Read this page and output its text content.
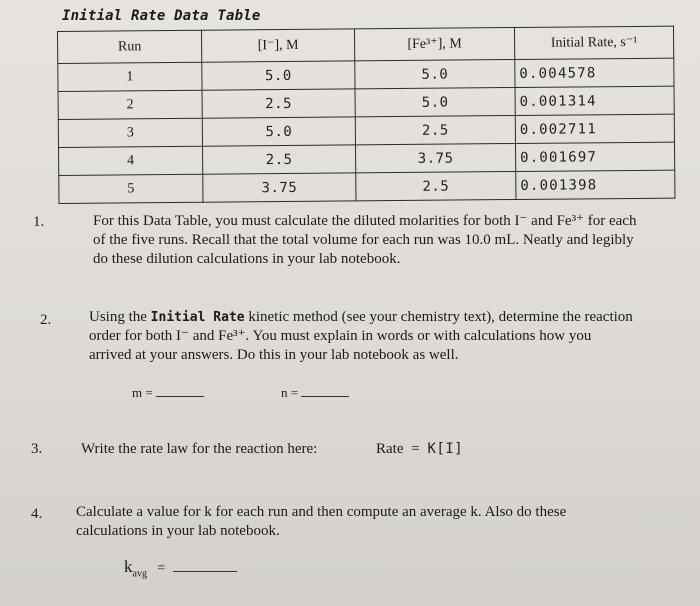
Initial Rate Data Table
Run	[I⁻], M	[Fe³⁺], M	Initial Rate, s⁻¹
1	5.0	5.0	0.004578
2	2.5	5.0	0.001314
3	5.0	2.5	0.002711
4	2.5	3.75	0.001697
5	3.75	2.5	0.001398
1.	For this Data Table, you must calculate the diluted molarities for both I⁻ and Fe³⁺ for each
of the five runs. Recall that the total volume for each run was 10.0 mL. Neatly and legibly
do these dilution calculations in your lab notebook.
2.	Using the Initial Rate kinetic method (see your chemistry text), determine the reaction
order for both I⁻ and Fe³⁺. You must explain in words or with calculations how you
arrived at your answers. Do this in your lab notebook as well.
m =	n =
3.	Write the rate law for the reaction here:	Rate = K[I]
4. Calculate a value for k for each run and then compute an average k. Also do these
calculations in your lab notebook.
$k_{avg}$ =
